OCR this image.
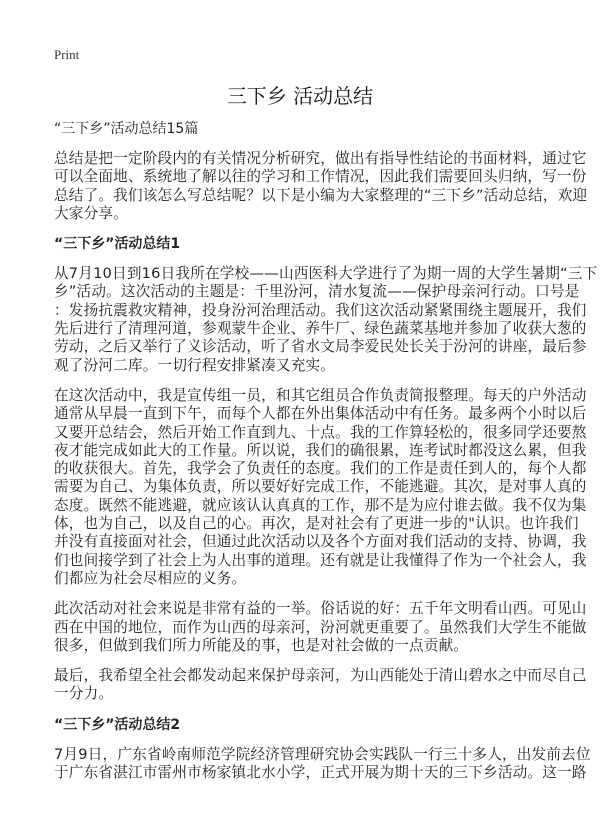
Print
三下乡 活动总结
“三下乡”活动总结15篇
总结是把一定阶段内的有关情况分析研究，做出有指导性结论的书面材料，通过它
可以全面地、系统地了解以往的学习和工作情况，因此我们需要回头归纳，写一份
总结了。我们该怎么写总结呢？以下是小编为大家整理的“三下乡”活动总结，欢迎
大家分享。
“三下乡”活动总结1
从7月10日到16日我所在学校——山西医科大学进行了为期一周的大学生暑期“三下
乡”活动。这次活动的主题是：千里汾河，清水复流——保护母亲河行动。口号是
：发扬抗震救灾精神，投身汾河治理活动。我们这次活动紧紧围绕主题展开，我们
先后进行了清理河道，参观蒙牛企业、养牛厂、绿色蔬菜基地并参加了收获大葱的
劳动，之后又举行了义诊活动，听了省水文局李爱民处长关于汾河的讲座，最后参
观了汾河二库。一切行程安排紧凑又充实。
在这次活动中，我是宣传组一员，和其它组员合作负责简报整理。每天的户外活动
通常从早晨一直到下午，而每个人都在外出集体活动中有任务。最多两个小时以后
又要开总结会，然后开始工作直到九、十点。我的工作算轻松的，很多同学还要熬
夜才能完成如此大的工作量。所以说，我们的确很累，连考试时都没这么累，但我
的收获很大。首先，我学会了负责任的态度。我们的工作是责任到人的，每个人都
需要为自己、为集体负责，所以要好好完成工作，不能逃避。其次，是对事人真的
态度。既然不能逃避，就应该认认真真的工作，那不是为应付谁去做。我不仅为集
体，也为自己，以及自己的心。再次，是对社会有了更进一步的"认识。也许我们
并没有直接面对社会，但通过此次活动以及各个方面对我们活动的支持、协调，我
们也间接学到了社会上为人出事的道理。还有就是让我懂得了作为一个社会人，我
们都应为社会尽相应的义务。
此次活动对社会来说是非常有益的一举。俗话说的好：五千年文明看山西。可见山
西在中国的地位，而作为山西的母亲河，汾河就更重要了。虽然我们大学生不能做
很多，但做到我们所力所能及的事，也是对社会做的一点贡献。
最后，我希望全社会都发动起来保护母亲河，为山西能处于清山碧水之中而尽自己
一分力。
“三下乡”活动总结2
7月9日，广东省岭南师范学院经济管理研究协会实践队一行三十多人，出发前去位
于广东省湛江市雷州市杨家镇北水小学，正式开展为期十天的三下乡活动。这一路
